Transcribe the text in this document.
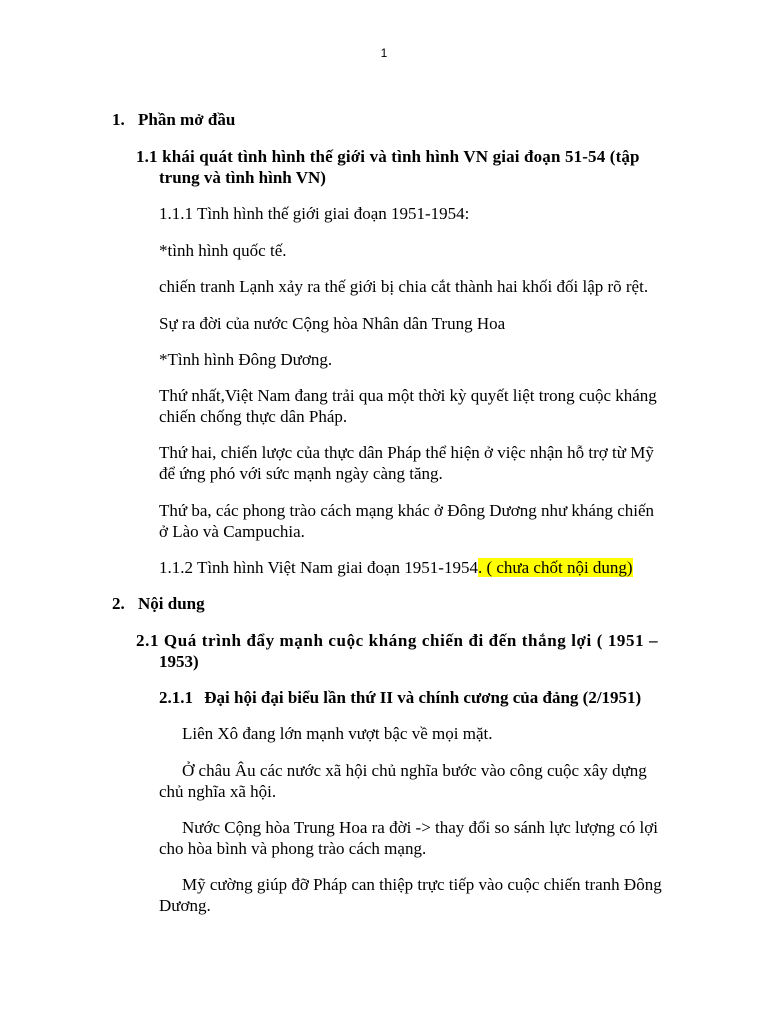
1
1. Phần mở đầu
1.1 khái quát tình hình thế giới và tình hình VN giai đoạn 51-54 (tập
trung và tình hình VN)
1.1.1 Tình hình thế giới giai đoạn 1951-1954:
*tình hình quốc tế.
chiến tranh Lạnh xảy ra thế giới bị chia cắt thành hai khối đối lập rõ rệt.
Sự ra đời của nước Cộng hòa Nhân dân Trung Hoa
*Tình hình Đông Dương.
Thứ nhất,Việt Nam đang trải qua một thời kỳ quyết liệt trong cuộc kháng
chiến chống thực dân Pháp.
Thứ hai, chiến lược của thực dân Pháp thể hiện ở việc nhận hỗ trợ từ Mỹ
để ứng phó với sức mạnh ngày càng tăng.
Thứ ba, các phong trào cách mạng khác ở Đông Dương như kháng chiến
ở Lào và Campuchia.
1.1.2 Tình hình Việt Nam giai đoạn 1951-1954. ( chưa chốt nội dung)
2. Nội dung
2.1 Quá trình đẩy mạnh cuộc kháng chiến đi đến thắng lợi ( 1951 –
1953)
2.1.1 Đại hội đại biểu lần thứ II và chính cương của đảng (2/1951)
Liên Xô đang lớn mạnh vượt bậc về mọi mặt.
Ở châu Âu các nước xã hội chủ nghĩa bước vào công cuộc xây dựng
chủ nghĩa xã hội.
Nước Cộng hòa Trung Hoa ra đời -> thay đổi so sánh lực lượng có lợi
cho hòa bình và phong trào cách mạng.
Mỹ cường giúp đỡ Pháp can thiệp trực tiếp vào cuộc chiến tranh Đông
Dương.
